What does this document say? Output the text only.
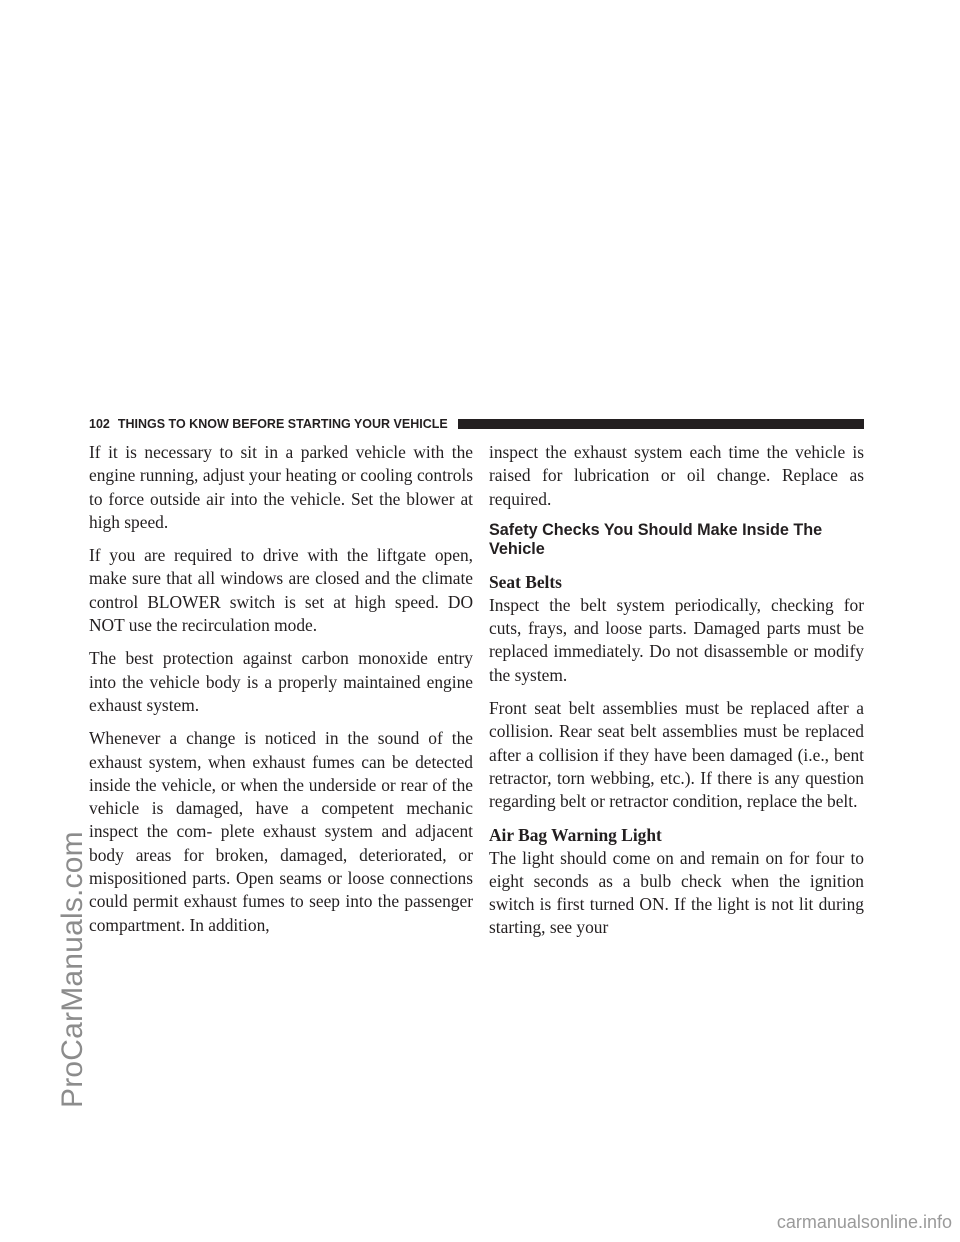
ProCarManuals.com
102 THINGS TO KNOW BEFORE STARTING YOUR VEHICLE

If it is necessary to sit in a parked vehicle with the engine running, adjust your heating or cooling controls to force outside air into the vehicle. Set the blower at high speed.

If you are required to drive with the liftgate open, make sure that all windows are closed and the climate control BLOWER switch is set at high speed. DO NOT use the recirculation mode.

The best protection against carbon monoxide entry into the vehicle body is a properly maintained engine exhaust system.

Whenever a change is noticed in the sound of the exhaust system, when exhaust fumes can be detected inside the vehicle, or when the underside or rear of the vehicle is damaged, have a competent mechanic inspect the com- plete exhaust system and adjacent body areas for broken, damaged, deteriorated, or mispositioned parts. Open seams or loose connections could permit exhaust fumes to seep into the passenger compartment. In addition,

inspect the exhaust system each time the vehicle is raised for lubrication or oil change. Replace as required.

Safety Checks You Should Make Inside The Vehicle
Seat Belts

Inspect the belt system periodically, checking for cuts, frays, and loose parts. Damaged parts must be replaced immediately. Do not disassemble or modify the system.

Front seat belt assemblies must be replaced after a collision. Rear seat belt assemblies must be replaced after a collision if they have been damaged (i.e., bent retractor, torn webbing, etc.). If there is any question regarding belt or retractor condition, replace the belt.

Air Bag Warning Light

The light should come on and remain on for four to eight seconds as a bulb check when the ignition switch is first turned ON. If the light is not lit during starting, see your

carmanualsonline.info
